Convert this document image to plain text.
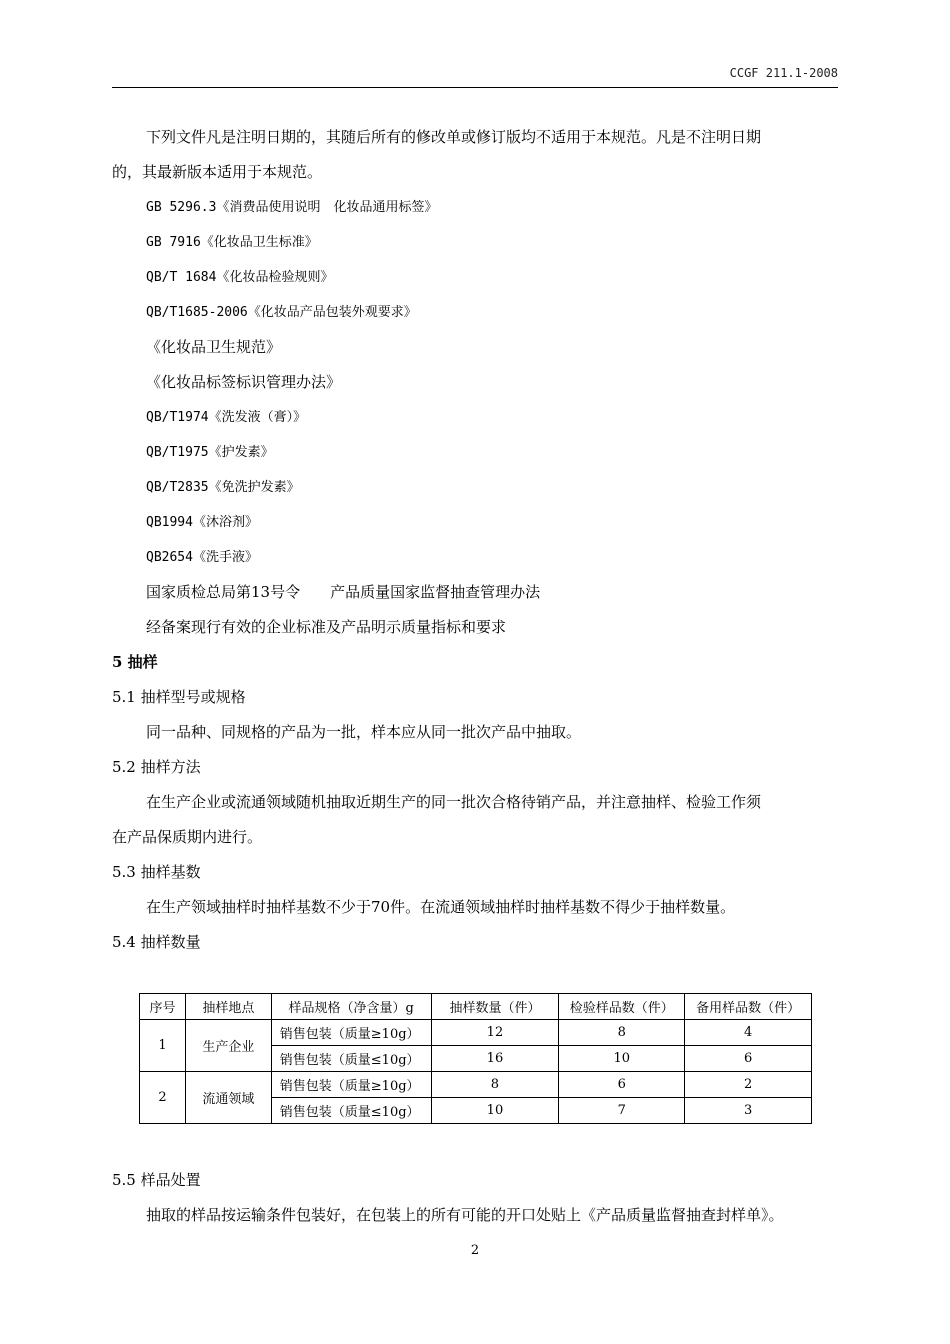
CCGF 211.1-2008

下列文件凡是注明日期的，其随后所有的修改单或修订版均不适用于本规范。凡是不注明日期

的，其最新版本适用于本规范。

GB 5296.3《消费品使用说明　化妆品通用标签》

GB 7916《化妆品卫生标准》

QB/T 1684《化妆品检验规则》

QB/T1685-2006《化妆品产品包装外观要求》

《化妆品卫生规范》

《化妆品标签标识管理办法》

QB/T1974《洗发液（膏）》

QB/T1975《护发素》

QB/T2835《免洗护发素》

QB1994《沐浴剂》

QB2654《洗手液》

国家质检总局第13号令　　产品质量国家监督抽查管理办法

经备案现行有效的企业标准及产品明示质量指标和要求

5 抽样

5.1 抽样型号或规格

同一品种、同规格的产品为一批，样本应从同一批次产品中抽取。

5.2 抽样方法

在生产企业或流通领域随机抽取近期生产的同一批次合格待销产品，并注意抽样、检验工作须

在产品保质期内进行。

5.3 抽样基数

在生产领域抽样时抽样基数不少于70件。在流通领域抽样时抽样基数不得少于抽样数量。

5.4 抽样数量

序号	抽样地点	样品规格（净含量）g	抽样数量（件）	检验样品数（件）	备用样品数（件）
1	生产企业	销售包装（质量≥10g）	12	8	4
		销售包装（质量≤10g）	16	10	6
2	流通领域	销售包装（质量≥10g）	8	6	2
		销售包装（质量≤10g）	10	7	3

5.5 样品处置

抽取的样品按运输条件包装好，在包装上的所有可能的开口处贴上《产品质量监督抽查封样单》。

2
